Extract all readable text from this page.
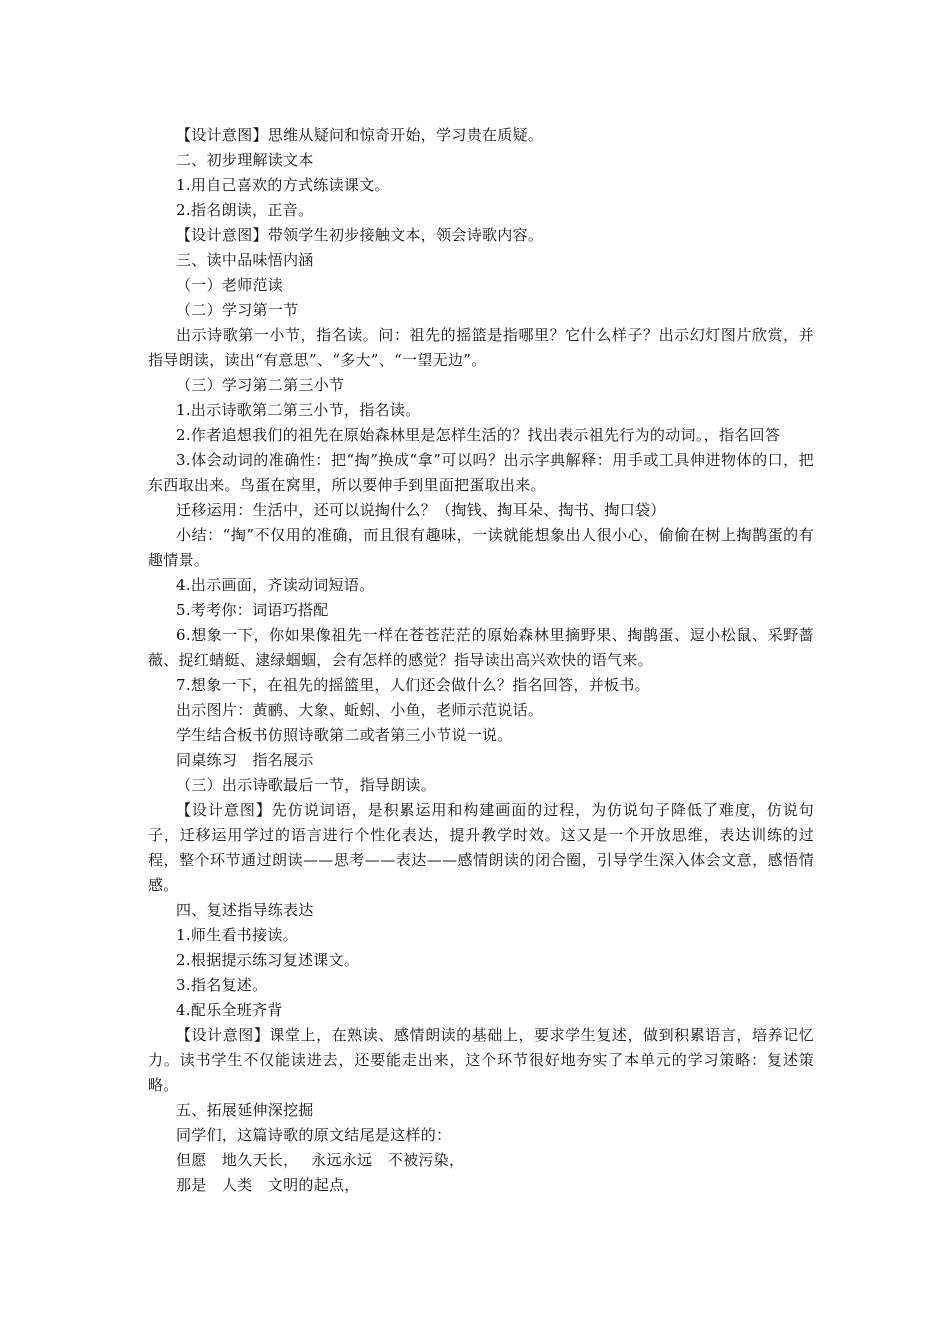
【设计意图】思维从疑问和惊奇开始，学习贵在质疑。
二、初步理解读文本
1.用自己喜欢的方式练读课文。
2.指名朗读，正音。
【设计意图】带领学生初步接触文本，领会诗歌内容。
三、读中品味悟内涵
（一）老师范读
（二）学习第一节

出示诗歌第一小节，指名读。问：祖先的摇篮是指哪里？它什么样子？出示幻灯图片欣赏，并指导朗读，读出“有意思”、“多大”、“一望无边”。

（三）学习第二第三小节
1.出示诗歌第二第三小节，指名读。

2.作者追想我们的祖先在原始森林里是怎样生活的？找出表示祖先行为的动词。，指名回答

3.体会动词的准确性：把“掏”换成“拿”可以吗？出示字典解释：用手或工具伸进物体的口，把东西取出来。鸟蛋在窝里，所以要伸手到里面把蛋取出来。

迁移运用：生活中，还可以说掏什么？（掏钱、掏耳朵、掏书、掏口袋）

小结：“掏”不仅用的准确，而且很有趣味，一读就能想象出人很小心，偷偷在树上掏鹊蛋的有趣情景。

4.出示画面，齐读动词短语。
5.考考你：词语巧搭配

6.想象一下，你如果像祖先一样在苍苍茫茫的原始森林里摘野果、掏鹊蛋、逗小松鼠、采野蔷薇、捉红蜻蜓、逮绿蝈蝈，会有怎样的感觉？指导读出高兴欢快的语气来。

7.想象一下，在祖先的摇篮里，人们还会做什么？指名回答，并板书。
出示图片：黄鹂、大象、蚯蚓、小鱼，老师示范说话。
学生结合板书仿照诗歌第二或者第三小节说一说。
同桌练习　指名展示
（三）出示诗歌最后一节，指导朗读。

【设计意图】先仿说词语，是积累运用和构建画面的过程，为仿说句子降低了难度，仿说句子，迁移运用学过的语言进行个性化表达，提升教学时效。这又是一个开放思维，表达训练的过程，整个环节通过朗读——思考——表达——感情朗读的闭合圈，引导学生深入体会文意，感悟情感。

四、复述指导练表达
1.师生看书接读。
2.根据提示练习复述课文。
3.指名复述。
4.配乐全班齐背

【设计意图】课堂上，在熟读、感情朗读的基础上，要求学生复述，做到积累语言，培养记忆力。读书学生不仅能读进去，还要能走出来，这个环节很好地夯实了本单元的学习策略：复述策略。

五、拓展延伸深挖掘
同学们，这篇诗歌的原文结尾是这样的：
但愿　地久天长，　 永远永远　不被污染，
那是　人类　文明的起点，
